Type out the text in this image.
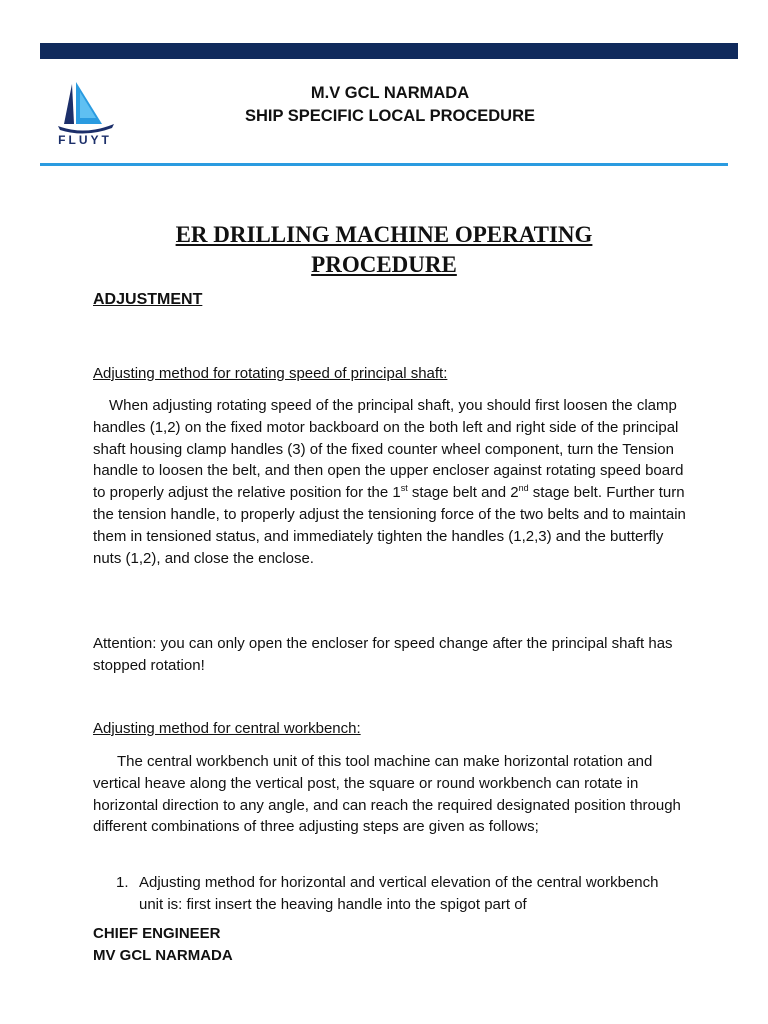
FLUYT
M.V GCL NARMADA
SHIP SPECIFIC LOCAL PROCEDURE
ER DRILLING MACHINE OPERATING
PROCEDURE
ADJUSTMENT
Adjusting method for rotating speed of principal shaft:

When adjusting rotating speed of the principal shaft, you should first loosen the clamp handles (1,2) on the fixed motor backboard on the both left and right side of the principal shaft housing clamp handles (3) of the fixed counter wheel component, turn the Tension handle to loosen the belt, and then open the upper encloser against rotating speed board to properly adjust the relative position for the 1st stage belt and 2nd stage belt. Further turn the tension handle, to properly adjust the tensioning force of the two belts and to maintain them in tensioned status, and immediately tighten the handles (1,2,3) and the butterfly nuts (1,2), and close the enclose.

Attention: you can only open the encloser for speed change after the principal shaft has stopped rotation!

Adjusting method for central workbench:

The central workbench unit of this tool machine can make horizontal rotation and vertical heave along the vertical post, the square or round workbench can rotate in horizontal direction to any angle, and can reach the required designated position through different combinations of three adjusting steps are given as follows;

1. Adjusting method for horizontal and vertical elevation of the central workbench unit is: first insert the heaving handle into the spigot part of
CHIEF ENGINEER
MV GCL NARMADA
